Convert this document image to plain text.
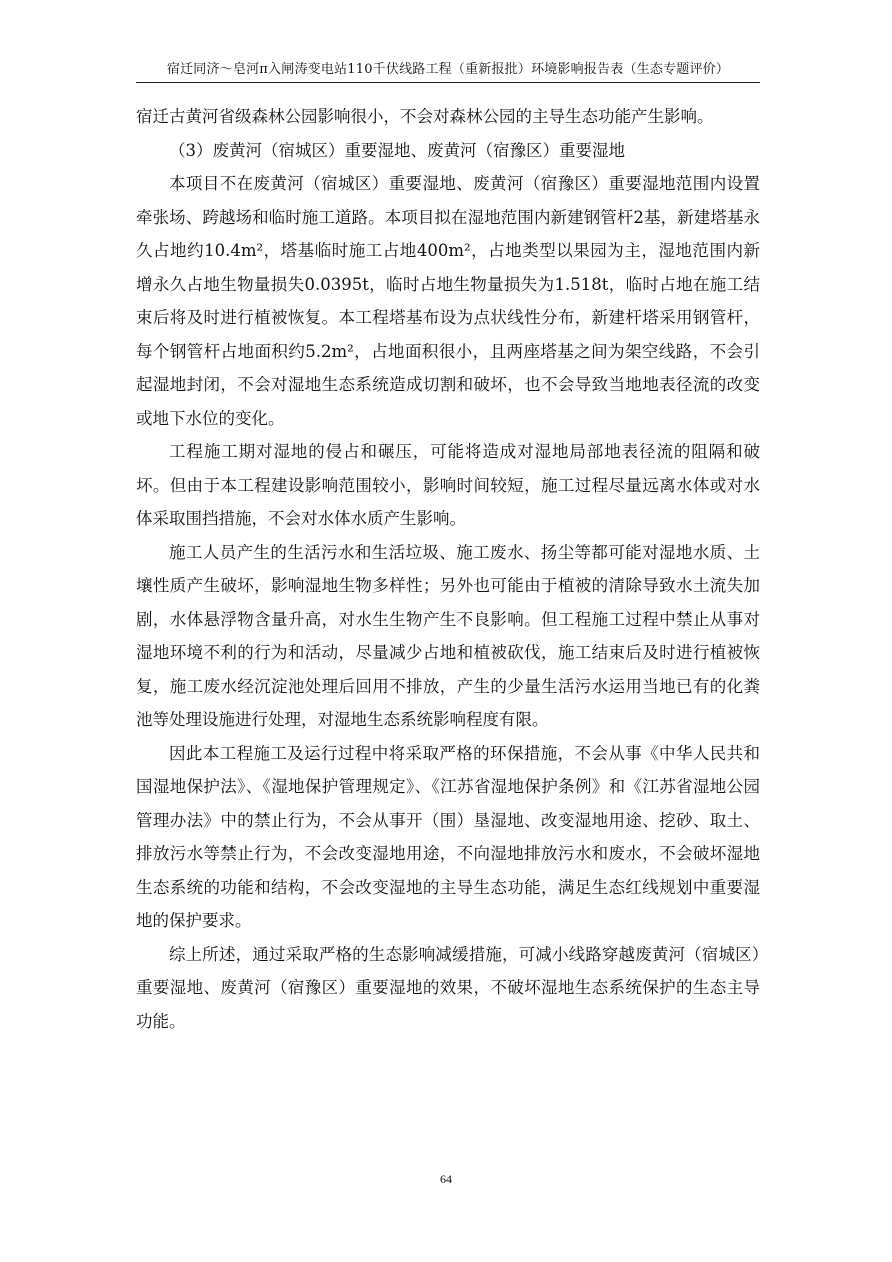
宿迁同济～皂河π入闸涛变电站110千伏线路工程（重新报批）环境影响报告表（生态专题评价）

宿迁古黄河省级森林公园影响很小，不会对森林公园的主导生态功能产生影响。

（3）废黄河（宿城区）重要湿地、废黄河（宿豫区）重要湿地

本项目不在废黄河（宿城区）重要湿地、废黄河（宿豫区）重要湿地范围内设置牵张场、跨越场和临时施工道路。本项目拟在湿地范围内新建钢管杆2基，新建塔基永久占地约10.4m²，塔基临时施工占地400m²，占地类型以果园为主，湿地范围内新增永久占地生物量损失0.0395t，临时占地生物量损失为1.518t，临时占地在施工结束后将及时进行植被恢复。本工程塔基布设为点状线性分布，新建杆塔采用钢管杆，每个钢管杆占地面积约5.2m²，占地面积很小，且两座塔基之间为架空线路，不会引起湿地封闭，不会对湿地生态系统造成切割和破坏，也不会导致当地地表径流的改变或地下水位的变化。

工程施工期对湿地的侵占和碾压，可能将造成对湿地局部地表径流的阻隔和破坏。但由于本工程建设影响范围较小，影响时间较短，施工过程尽量远离水体或对水体采取围挡措施，不会对水体水质产生影响。

施工人员产生的生活污水和生活垃圾、施工废水、扬尘等都可能对湿地水质、土壤性质产生破坏，影响湿地生物多样性；另外也可能由于植被的清除导致水土流失加剧，水体悬浮物含量升高，对水生生物产生不良影响。但工程施工过程中禁止从事对湿地环境不利的行为和活动，尽量减少占地和植被砍伐，施工结束后及时进行植被恢复，施工废水经沉淀池处理后回用不排放，产生的少量生活污水运用当地已有的化粪池等处理设施进行处理，对湿地生态系统影响程度有限。

因此本工程施工及运行过程中将采取严格的环保措施，不会从事《中华人民共和国湿地保护法》、《湿地保护管理规定》、《江苏省湿地保护条例》和《江苏省湿地公园管理办法》中的禁止行为，不会从事开（围）垦湿地、改变湿地用途、挖砂、取土、排放污水等禁止行为，不会改变湿地用途，不向湿地排放污水和废水，不会破坏湿地生态系统的功能和结构，不会改变湿地的主导生态功能，满足生态红线规划中重要湿地的保护要求。

综上所述，通过采取严格的生态影响减缓措施，可减小线路穿越废黄河（宿城区）重要湿地、废黄河（宿豫区）重要湿地的效果，不破坏湿地生态系统保护的生态主导功能。

64
